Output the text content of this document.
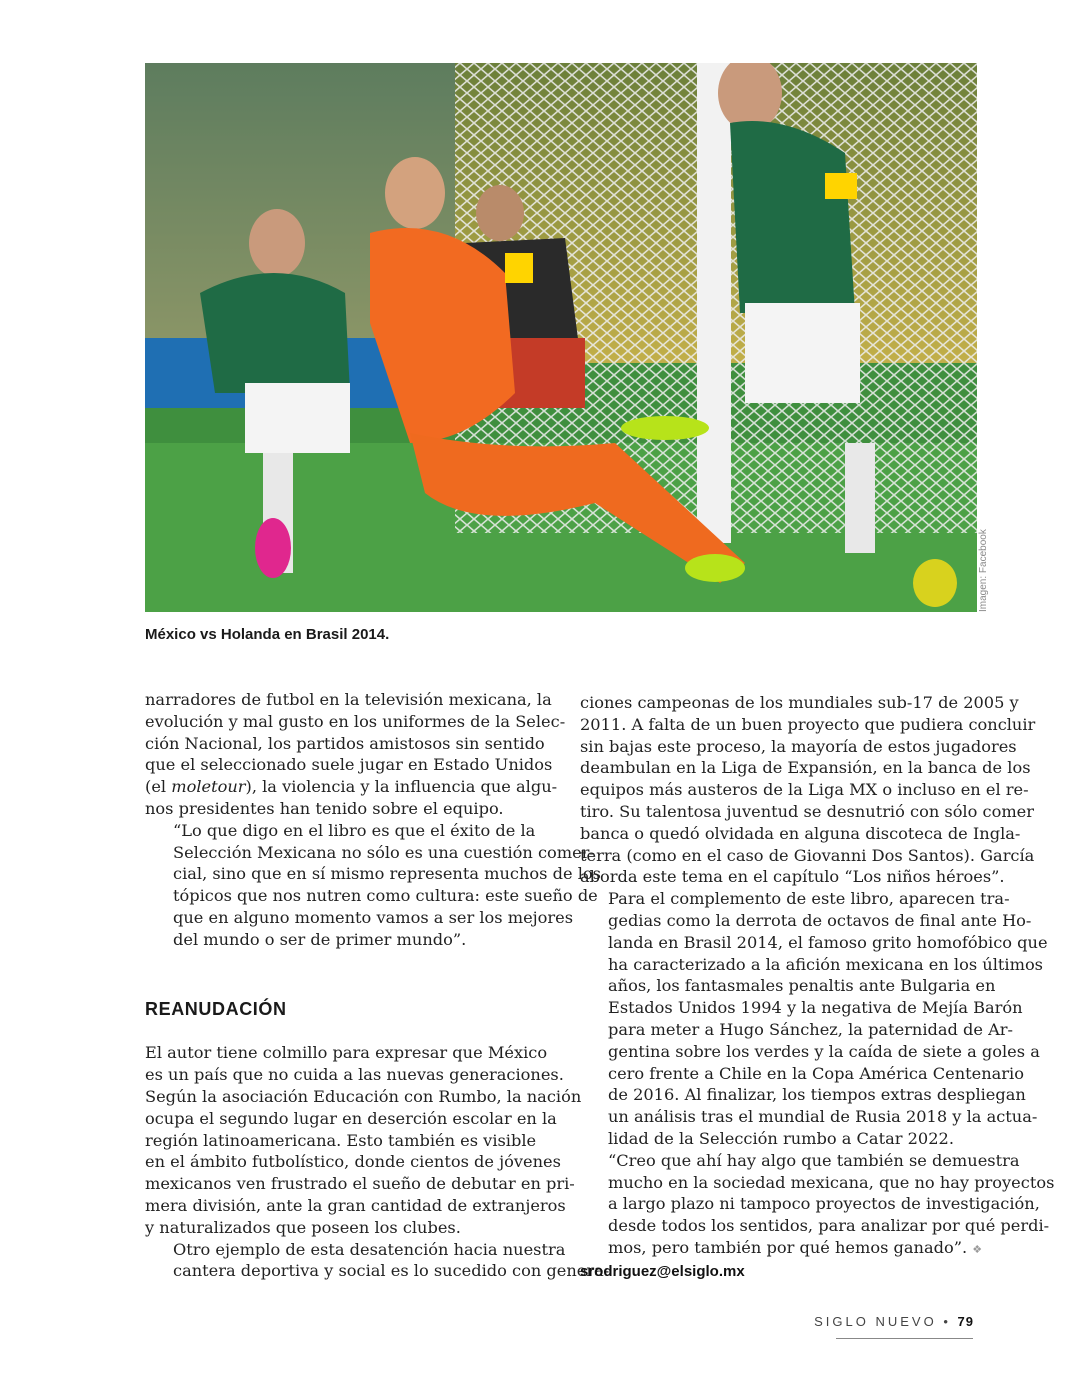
Imagen: Facebook
México vs Holanda en Brasil 2014.

narradores de futbol en la televisión mexicana, la
evolución y mal gusto en los uniformes de la Selec-
ción Nacional, los partidos amistosos sin sentido
que el seleccionado suele jugar en Estado Unidos
(el moletour), la violencia y la influencia que algu-
nos presidentes han tenido sobre el equipo.

“Lo que digo en el libro es que el éxito de la
Selección Mexicana no sólo es una cuestión comer-
cial, sino que en sí mismo representa muchos de los
tópicos que nos nutren como cultura: este sueño de
que en alguno momento vamos a ser los mejores
del mundo o ser de primer mundo”.

REANUDACIÓN

El autor tiene colmillo para expresar que México
es un país que no cuida a las nuevas generaciones.
Según la asociación Educación con Rumbo, la nación
ocupa el segundo lugar en deserción escolar en la
región latinoamericana. Esto también es visible
en el ámbito futbolístico, donde cientos de jóvenes
mexicanos ven frustrado el sueño de debutar en pri-
mera división, ante la gran cantidad de extranjeros
y naturalizados que poseen los clubes.

Otro ejemplo de esta desatención hacia nuestra
cantera deportiva y social es lo sucedido con genera-

ciones campeonas de los mundiales sub-17 de 2005 y
2011. A falta de un buen proyecto que pudiera concluir
sin bajas este proceso, la mayoría de estos jugadores
deambulan en la Liga de Expansión, en la banca de los
equipos más austeros de la Liga MX o incluso en el re-
tiro. Su talentosa juventud se desnutrió con sólo comer
banca o quedó olvidada en alguna discoteca de Ingla-
terra (como en el caso de Giovanni Dos Santos). García
aborda este tema en el capítulo “Los niños héroes”.

Para el complemento de este libro, aparecen tra-
gedias como la derrota de octavos de final ante Ho-
landa en Brasil 2014, el famoso grito homofóbico que
ha caracterizado a la afición mexicana en los últimos
años, los fantasmales penaltis ante Bulgaria en
Estados Unidos 1994 y la negativa de Mejía Barón
para meter a Hugo Sánchez, la paternidad de Ar-
gentina sobre los verdes y la caída de siete a goles a
cero frente a Chile en la Copa América Centenario
de 2016. Al finalizar, los tiempos extras despliegan
un análisis tras el mundial de Rusia 2018 y la actua-
lidad de la Selección rumbo a Catar 2022.

“Creo que ahí hay algo que también se demuestra
mucho en la sociedad mexicana, que no hay proyectos
a largo plazo ni tampoco proyectos de investigación,
desde todos los sentidos, para analizar por qué perdi-
mos, pero también por qué hemos ganado”. ❖

srodriguez@elsiglo.mx
SIGLO NUEVO • 79
